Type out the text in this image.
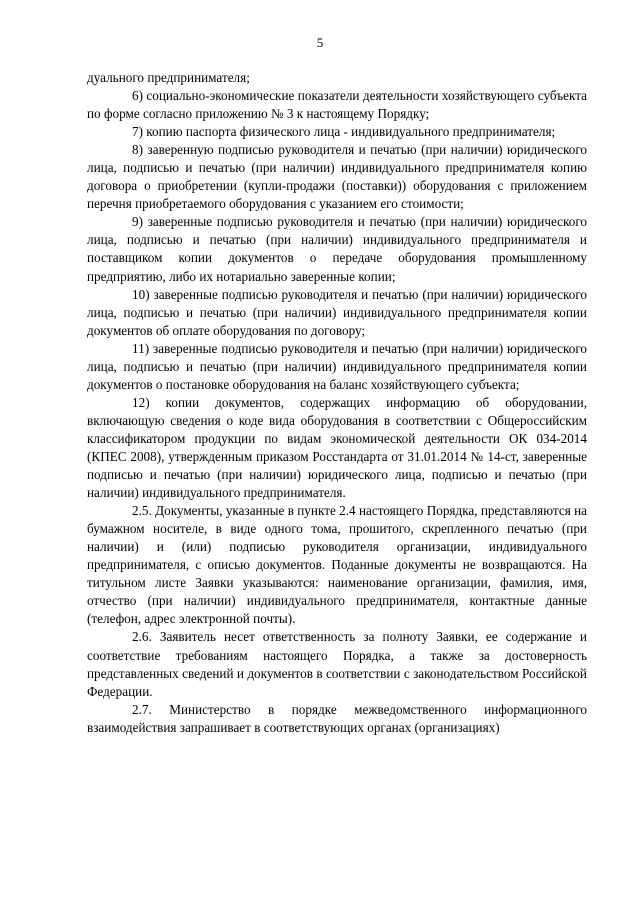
5

дуального предпринимателя;

6) социально-экономические показатели деятельности хозяйствующего субъекта по форме согласно приложению № 3 к настоящему Порядку;

7) копию паспорта физического лица - индивидуального предпринимателя;

8) заверенную подписью руководителя и печатью (при наличии) юридического лица, подписью и печатью (при наличии) индивидуального предпринимателя копию договора о приобретении (купли-продажи (поставки)) оборудования с приложением перечня приобретаемого оборудования с указанием его стоимости;

9) заверенные подписью руководителя и печатью (при наличии) юридического лица, подписью и печатью (при наличии) индивидуального предпринимателя и поставщиком копии документов о передаче оборудования промышленному предприятию, либо их нотариально заверенные копии;

10) заверенные подписью руководителя и печатью (при наличии) юридического лица, подписью и печатью (при наличии) индивидуального предпринимателя копии документов об оплате оборудования по договору;

11) заверенные подписью руководителя и печатью (при наличии) юридического лица, подписью и печатью (при наличии) индивидуального предпринимателя копии документов о постановке оборудования на баланс хозяйствующего субъекта;

12) копии документов, содержащих информацию об оборудовании, включающую сведения о коде вида оборудования в соответствии с Общероссийским классификатором продукции по видам экономической деятельности ОК 034-2014 (КПЕС 2008), утвержденным приказом Росстандарта от 31.01.2014 № 14-ст, заверенные подписью и печатью (при наличии) юридического лица, подписью и печатью (при наличии) индивидуального предпринимателя.

2.5. Документы, указанные в пункте 2.4 настоящего Порядка, представляются на бумажном носителе, в виде одного тома, прошитого, скрепленного печатью (при наличии) и (или) подписью руководителя организации, индивидуального предпринимателя, с описью документов. Поданные документы не возвращаются. На титульном листе Заявки указываются: наименование организации, фамилия, имя, отчество (при наличии) индивидуального предпринимателя, контактные данные (телефон, адрес электронной почты).

2.6. Заявитель несет ответственность за полноту Заявки, ее содержание и соответствие требованиям настоящего Порядка, а также за достоверность представленных сведений и документов в соответствии с законодательством Российской Федерации.

2.7. Министерство в порядке межведомственного информационного взаимодействия запрашивает в соответствующих органах (организациях)
